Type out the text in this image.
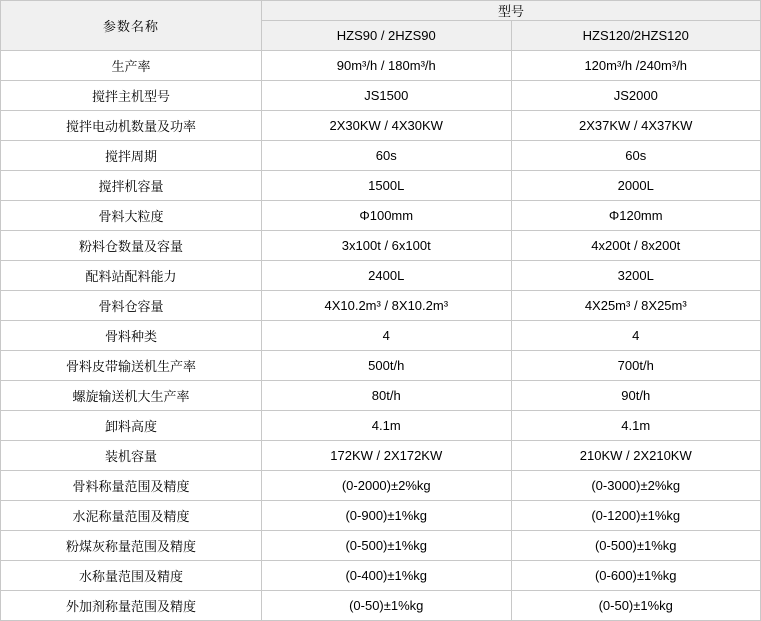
参数名称	型号	
	HZS90 / 2HZS90	HZS120/2HZS120
生产率	90m³/h / 180m³/h	120m³/h /240m³/h
搅拌主机型号	JS1500	JS2000
搅拌电动机数量及功率	2X30KW / 4X30KW	2X37KW / 4X37KW
搅拌周期	60s	60s
搅拌机容量	1500L	2000L
骨料大粒度	Φ100mm	Φ120mm
粉料仓数量及容量	3x100t / 6x100t	4x200t / 8x200t
配料站配料能力	2400L	3200L
骨料仓容量	4X10.2m³ / 8X10.2m³	4X25m³ / 8X25m³
骨料种类	4	4
骨料皮带输送机生产率	500t/h	700t/h
螺旋输送机大生产率	80t/h	90t/h
卸料高度	4.1m	4.1m
装机容量	172KW / 2X172KW	210KW / 2X210KW
骨料称量范围及精度	(0-2000)±2%kg	(0-3000)±2%kg
水泥称量范围及精度	(0-900)±1%kg	(0-1200)±1%kg
粉煤灰称量范围及精度	(0-500)±1%kg	(0-500)±1%kg
水称量范围及精度	(0-400)±1%kg	(0-600)±1%kg
外加剂称量范围及精度	(0-50)±1%kg	(0-50)±1%kg
